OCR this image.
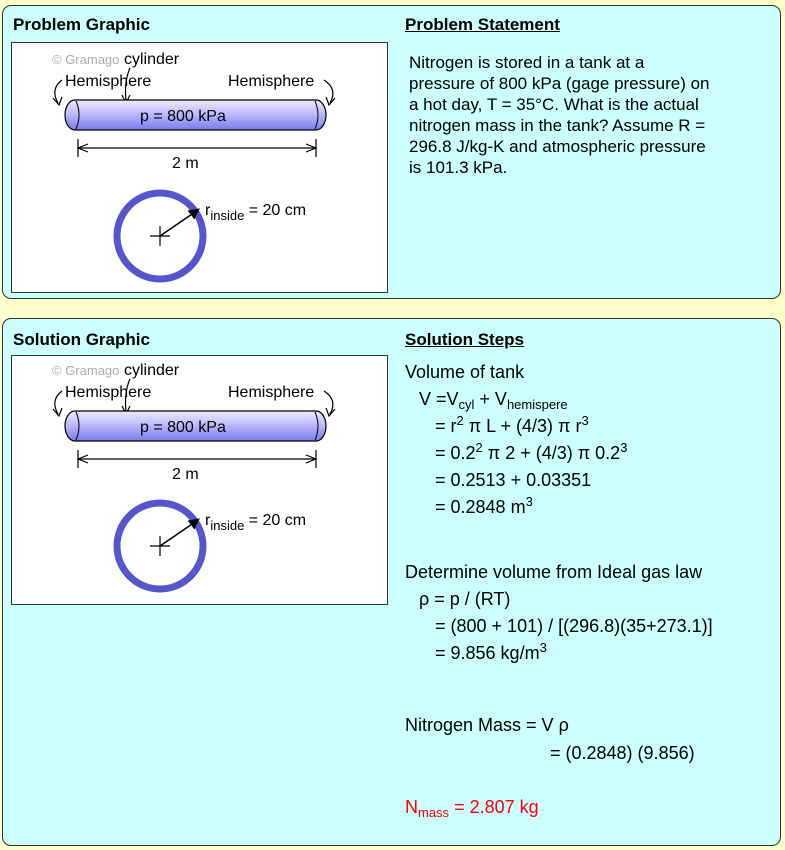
Problem Graphic	Problem Statement
© Gramago cylinder
Hemisphere	Hemisphere
p = 800 kPa
2 m
$r_{inside} = 20$ cm
Nitrogen is stored in a tank at a
pressure of 800 kPa (gage pressure) on
a hot day, T = 35°C. What is the actual
nitrogen mass in the tank? Assume R =
296.8 J/kg-K and atmospheric pressure
is 101.3 kPa.
Solution Graphic	Solution Steps
© Gramago cylinder
Hemisphere	Hemisphere
p = 800 kPa
2 m
$r_{inside} = 20$ cm
Volume of tank
$V =V_{cyl} + V_{hemispere}$
= $r^2$ π L + (4/3) π $r^3$
= $0.2^2$ π 2 + (4/3) π $0.2^3$
= 0.2513 + 0.03351
= 0.2848 $m^3$
Determine volume from Ideal gas law
ρ = p / (RT)
= (800 + 101) / [(296.8)(35+273.1)]
= 9.856 $kg/m^3$
Nitrogen Mass = V ρ
= (0.2848) (9.856)
$N_{mass} = 2.807$ kg
